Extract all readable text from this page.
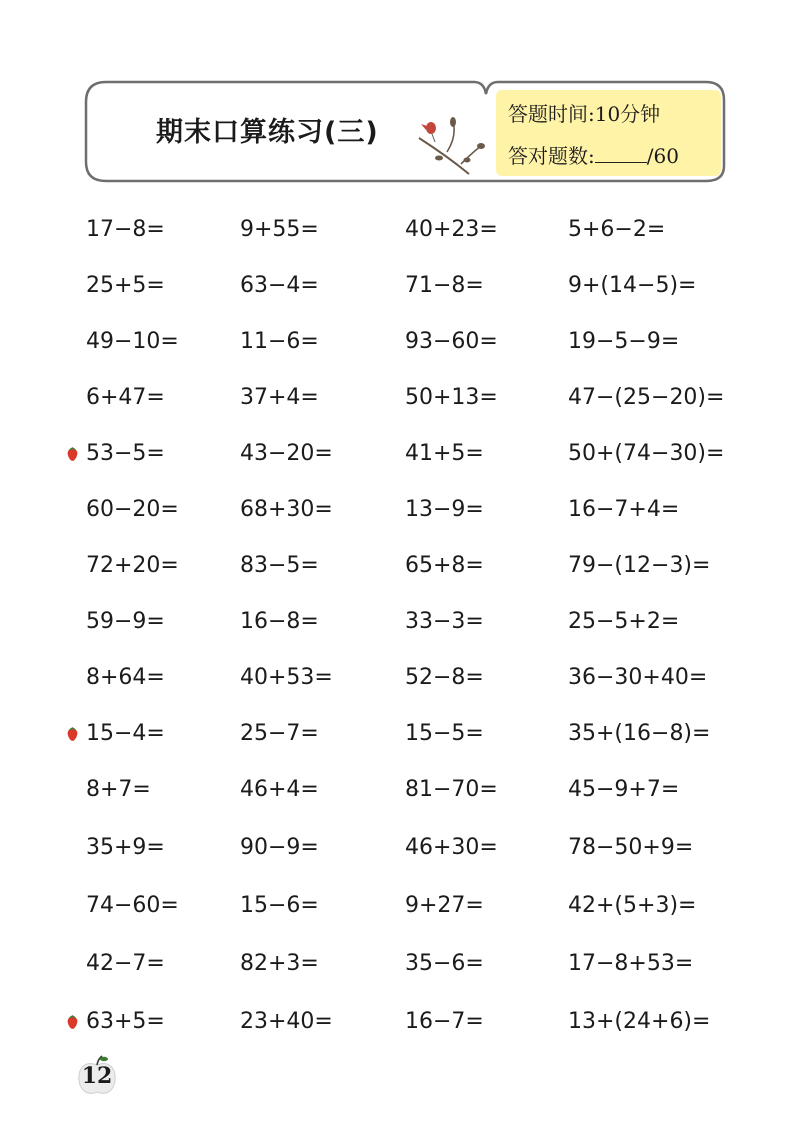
期末口算练习(三)
答题时间:10分钟
答对题数:	/60
17−8=	9+55=	40+23=	5+6−2=
25+5=	63−4=	71−8=	9+(14−5)=
49−10=	11−6=	93−60=	19−5−9=
6+47=	37+4=	50+13=	47−(25−20)=
53−5=	43−20=	41+5=	50+(74−30)=
60−20=	68+30=	13−9=	16−7+4=
72+20=	83−5=	65+8=	79−(12−3)=
59−9=	16−8=	33−3=	25−5+2=
8+64=	40+53=	52−8=	36−30+40=
15−4=	25−7=	15−5=	35+(16−8)=
8+7=	46+4=	81−70=	45−9+7=
35+9=	90−9=	46+30=	78−50+9=
74−60=	15−6=	9+27=	42+(5+3)=
42−7=	82+3=	35−6=	17−8+53=
63+5=	23+40=	16−7=	13+(24+6)=
12
